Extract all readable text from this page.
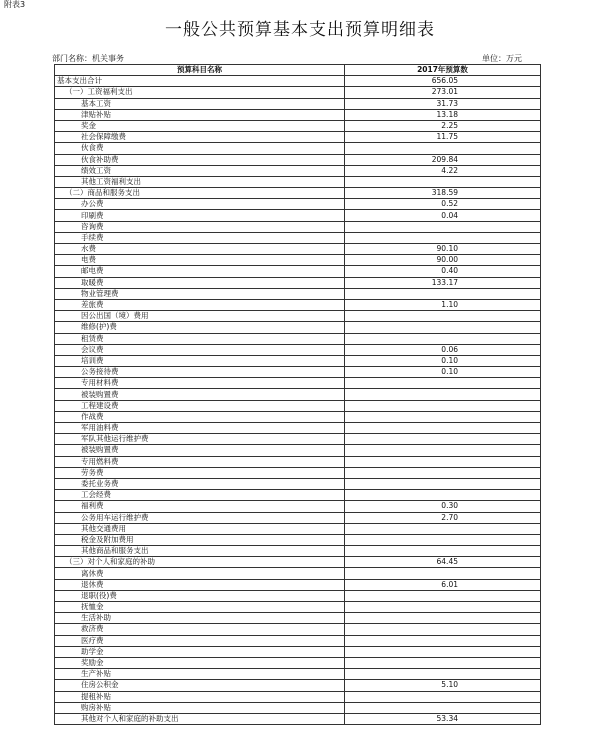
附表3
一般公共预算基本支出预算明细表
部门名称：机关事务	单位：万元
预算科目名称	2017年预算数
基本支出合计	656.05
（一）工资福利支出	273.01
基本工资	31.73
津贴补贴	13.18
奖金	2.25
社会保障缴费	11.75
伙食费	
伙食补助费	209.84
绩效工资	4.22
其他工资福利支出	
（二）商品和服务支出	318.59
办公费	0.52
印刷费	0.04
咨询费	
手续费	
水费	90.10
电费	90.00
邮电费	0.40
取暖费	133.17
物业管理费	
差旅费	1.10
因公出国（境）费用	
维修(护)费	
租赁费	
会议费	0.06
培训费	0.10
公务接待费	0.10
专用材料费	
被装购置费	
工程建设费	
作战费	
军用油料费	
军队其他运行维护费	
被装购置费	
专用燃料费	
劳务费	
委托业务费	
工会经费	
福利费	0.30
公务用车运行维护费	2.70
其他交通费用	
税金及附加费用	
其他商品和服务支出	
（三）对个人和家庭的补助	64.45
离休费	
退休费	6.01
退职(役)费	
抚恤金	
生活补助	
救济费	
医疗费	
助学金	
奖励金	
生产补贴	
住房公积金	5.10
提租补贴	
购房补贴	
其他对个人和家庭的补助支出	53.34
